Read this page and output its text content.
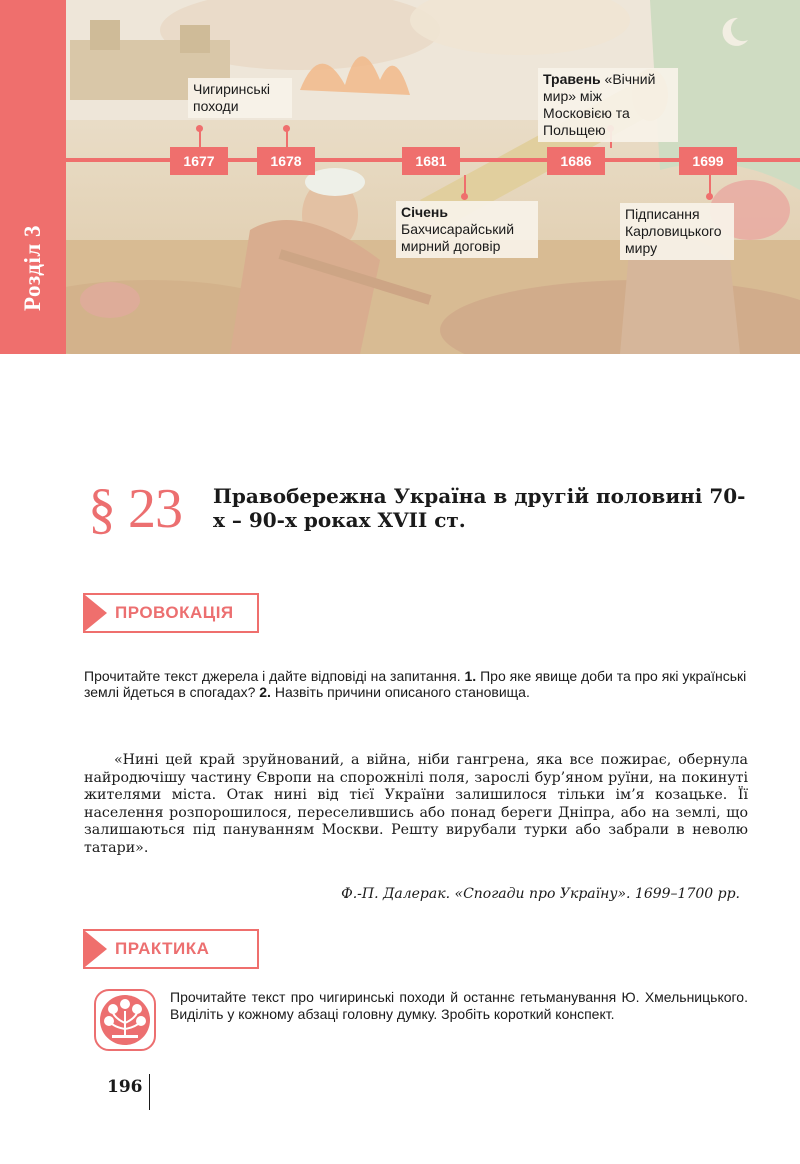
Розділ 3
1677	1678	1681	1686	1699
Чигиринські походи
Травень «Вічний мир» між Московією та Польщею
Січень
Бахчисарайський мирний договір
Підписання Карловицького миру
§ 23 Правобережна Україна в другій половині 70-х – 90-х роках XVII ст.
ПРОВОКАЦІЯ
Прочитайте текст джерела і дайте відповіді на запитання. 1. Про яке явище доби та про які українські землі йдеться в спогадах? 2. Назвіть причини описаного становища.
«Нині цей край зруйнований, а війна, ніби гангрена, яка все пожирає, обернула найродючішу частину Європи на спорожнілі поля, зарослі бур’яном руїни, на покинуті жителями міста. Отак нині від тієї України залишилося тільки ім’я козацьке. Її населення розпорошилося, переселившись або понад береги Дніпра, або на землі, що залишаються під пануванням Москви. Решту вирубали турки або забрали в неволю татари».
Ф.-П. Далерак. «Спогади про Україну». 1699–1700 рр.
ПРАКТИКА
Прочитайте текст про чигиринські походи й останнє гетьманування Ю. Хмельницького. Виділіть у кожному абзаці головну думку. Зробіть короткий конспект.
196
